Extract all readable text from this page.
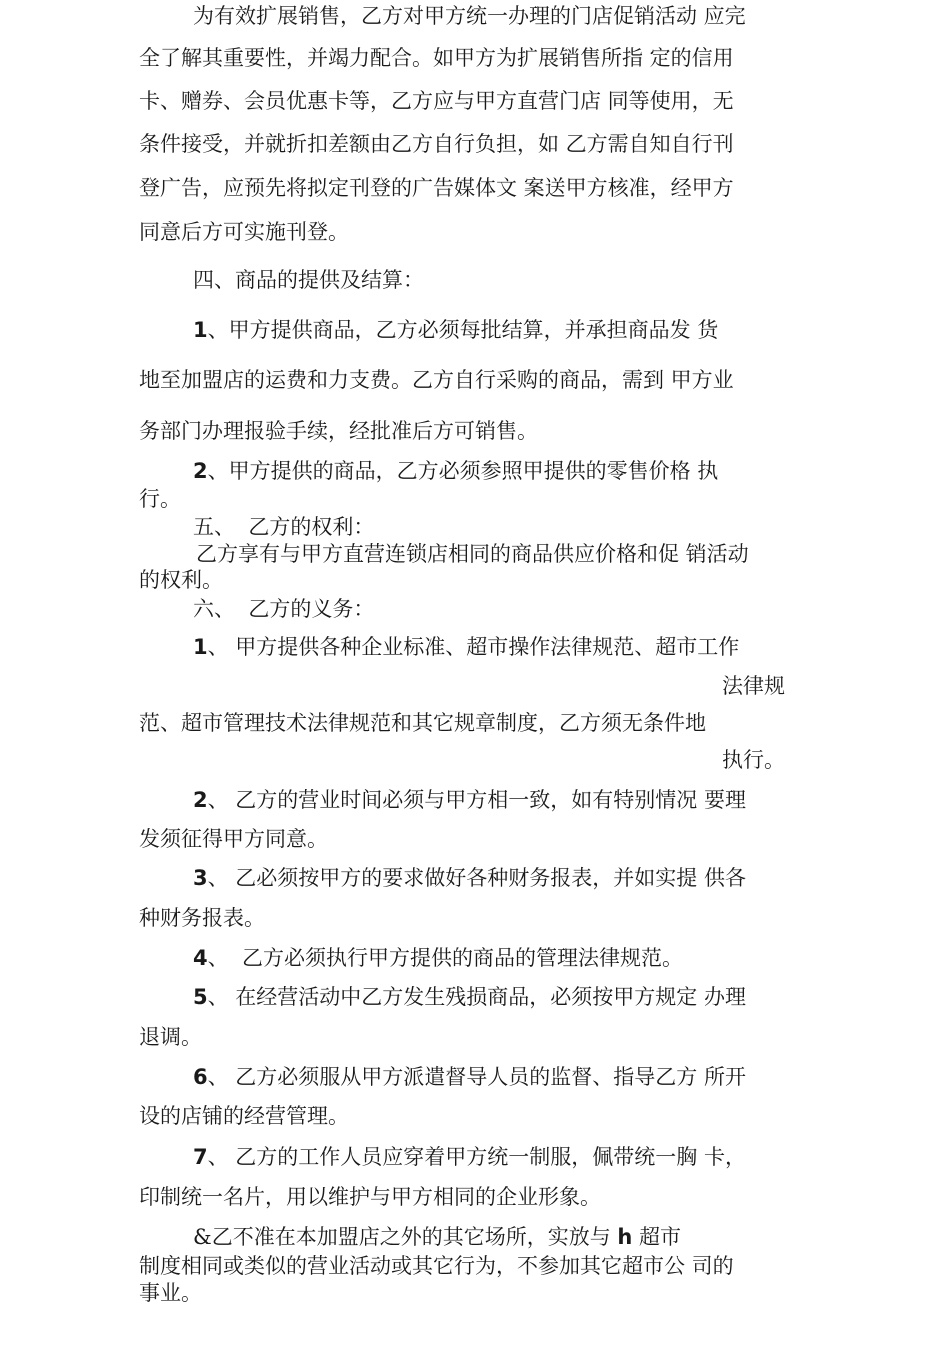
为有效扩展销售，乙方对甲方统一办理的门店促销活动 应完
全了解其重要性，并竭力配合。如甲方为扩展销售所指 定的信用
卡、赠券、会员优惠卡等，乙方应与甲方直营门店 同等使用，无
条件接受，并就折扣差额由乙方自行负担，如 乙方需自知自行刊
登广告，应预先将拟定刊登的广告媒体文 案送甲方核准，经甲方
同意后方可实施刊登。
四、商品的提供及结算：
1、甲方提供商品，乙方必须每批结算，并承担商品发 货
地至加盟店的运费和力支费。乙方自行采购的商品，需到 甲方业
务部门办理报验手续，经批准后方可销售。
2、甲方提供的商品，乙方必须参照甲提供的零售价格 执
行。
五、  乙方的权利：
乙方享有与甲方直营连锁店相同的商品供应价格和促 销活动
的权利。
六、  乙方的义务：
1、 甲方提供各种企业标准、超市操作法律规范、超市工作
法律规
范、超市管理技术法律规范和其它规章制度，乙方须无条件地
执行。
2、 乙方的营业时间必须与甲方相一致，如有特别情况 要理
发须征得甲方同意。
3、 乙必须按甲方的要求做好各种财务报表，并如实提 供各
种财务报表。
4、  乙方必须执行甲方提供的商品的管理法律规范。
5、 在经营活动中乙方发生残损商品，必须按甲方规定 办理
退调。
6、 乙方必须服从甲方派遣督导人员的监督、指导乙方 所开
设的店铺的经营管理。
7、 乙方的工作人员应穿着甲方统一制服，佩带统一胸 卡，
印制统一名片，用以维护与甲方相同的企业形象。
&乙不准在本加盟店之外的其它场所，实放与 h 超市
制度相同或类似的营业活动或其它行为，不参加其它超市公 司的
事业。
